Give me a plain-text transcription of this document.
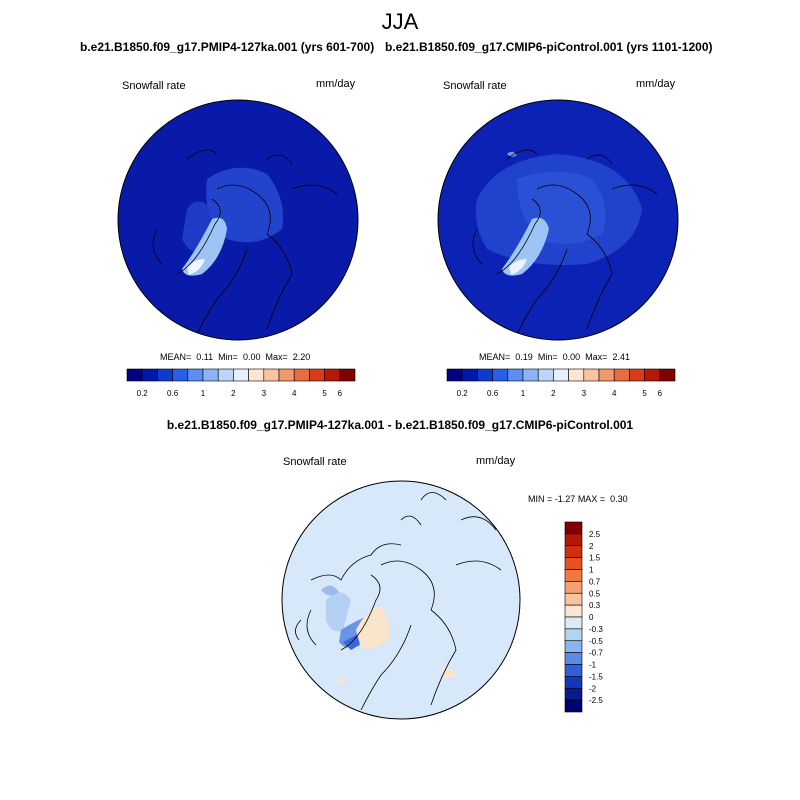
JJA
b.e21.B1850.f09_g17.PMIP4-127ka.001 (yrs 601-700) b.e21.B1850.f09_g17.CMIP6-piControl.001 (yrs 1101-1200)
Snowfall rate	mm/day	Snowfall rate	mm/day
MEAN= 0.11 Min= 0.00 Max= 2.20	MEAN= 0.19 Min= 0.00 Max= 2.41
0.2 0.6	1	2	3	4	5 6	0.2 0.6	1	2	3	4	5 6
b.e21.B1850.f09_g17.PMIP4-127ka.001 - b.e21.B1850.f09_g17.CMIP6-piControl.001
Snowfall rate	mm/day
MIN = -1.27 MAX = 0.30
2.5
2
1.5
1
0.7
0.5
0.3
0
-0.3
-0.5
-0.7
-1
-1.5
-2
-2.5
